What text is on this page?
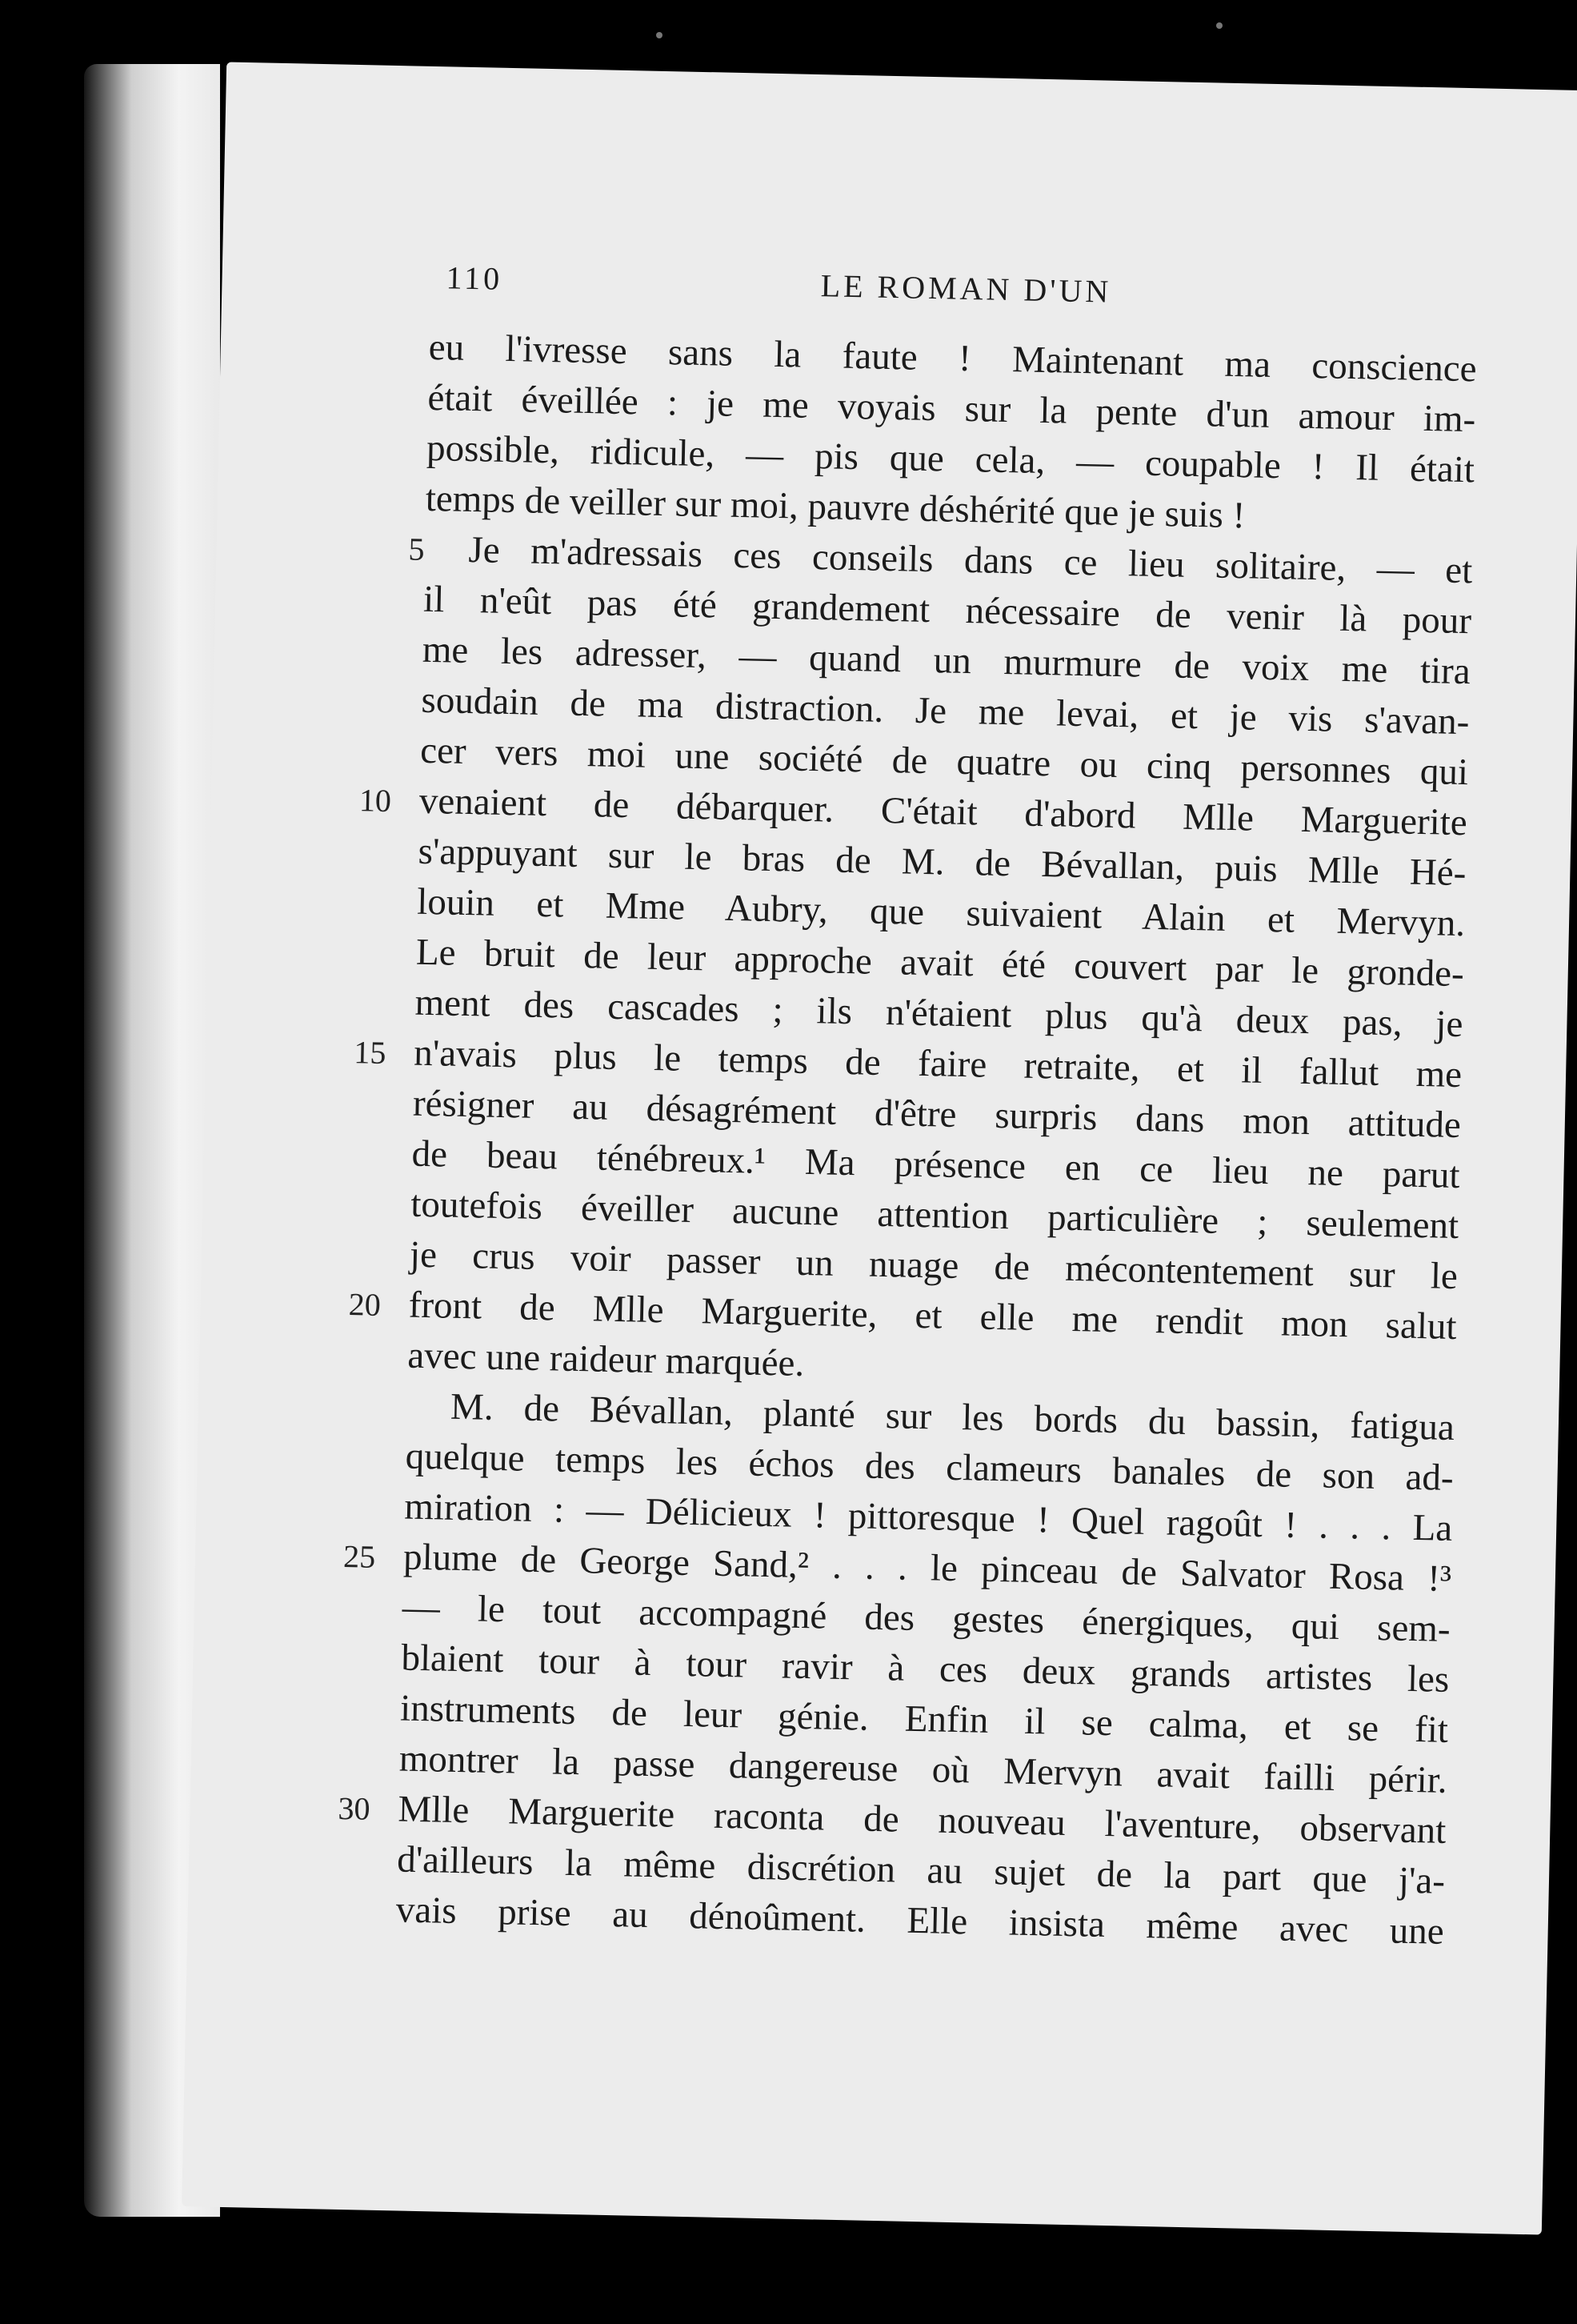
110	LE ROMAN D'UN
eu l'ivresse sans la faute ! Maintenant ma conscience
était éveillée : je me voyais sur la pente d'un amour im-
possible, ridicule, — pis que cela, — coupable ! Il était
temps de veiller sur moi, pauvre déshérité que je suis !
5 Je m'adressais ces conseils dans ce lieu solitaire, — et
il n'eût pas été grandement nécessaire de venir là pour
me les adresser, — quand un murmure de voix me tira
soudain de ma distraction. Je me levai, et je vis s'avan-
cer vers moi une société de quatre ou cinq personnes qui
10 venaient de débarquer. C'était d'abord Mlle Marguerite
s'appuyant sur le bras de M. de Bévallan, puis Mlle Hé-
louin et Mme Aubry, que suivaient Alain et Mervyn.
Le bruit de leur approche avait été couvert par le gronde-
ment des cascades ; ils n'étaient plus qu'à deux pas, je
15 n'avais plus le temps de faire retraite, et il fallut me
résigner au désagrément d'être surpris dans mon attitude
de beau ténébreux.¹ Ma présence en ce lieu ne parut
toutefois éveiller aucune attention particulière ; seulement
je crus voir passer un nuage de mécontentement sur le
20 front de Mlle Marguerite, et elle me rendit mon salut
avec une raideur marquée.
M. de Bévallan, planté sur les bords du bassin, fatigua
quelque temps les échos des clameurs banales de son ad-
miration : — Délicieux ! pittoresque ! Quel ragoût ! . . . La
25 plume de George Sand,² . . . le pinceau de Salvator Rosa !³
— le tout accompagné des gestes énergiques, qui sem-
blaient tour à tour ravir à ces deux grands artistes les
instruments de leur génie. Enfin il se calma, et se fit
montrer la passe dangereuse où Mervyn avait failli périr.
30 Mlle Marguerite raconta de nouveau l'aventure, observant
d'ailleurs la même discrétion au sujet de la part que j'a-
vais prise au dénoûment. Elle insista même avec une
